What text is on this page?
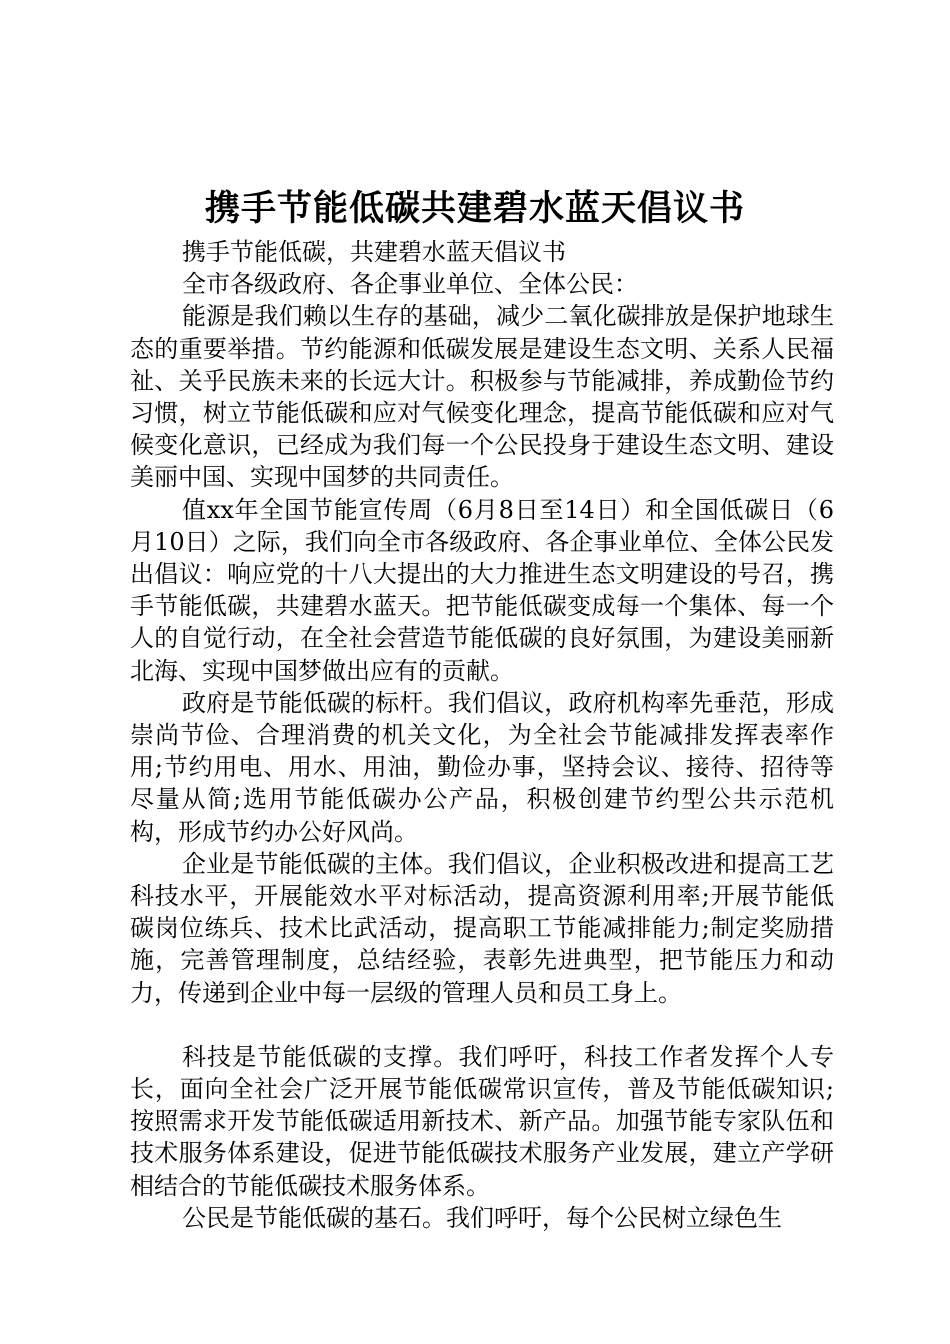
携手节能低碳共建碧水蓝天倡议书

携手节能低碳，共建碧水蓝天倡议书

全市各级政府、各企事业单位、全体公民：

能源是我们赖以生存的基础，减少二氧化碳排放是保护地球生态的重要举措。节约能源和低碳发展是建设生态文明、关系人民福祉、关乎民族未来的长远大计。积极参与节能减排，养成勤俭节约习惯，树立节能低碳和应对气候变化理念，提高节能低碳和应对气候变化意识，已经成为我们每一个公民投身于建设生态文明、建设美丽中国、实现中国梦的共同责任。

值xx年全国节能宣传周（6月8日至14日）和全国低碳日（6月10日）之际，我们向全市各级政府、各企事业单位、全体公民发出倡议：响应党的十八大提出的大力推进生态文明建设的号召，携手节能低碳，共建碧水蓝天。把节能低碳变成每一个集体、每一个人的自觉行动，在全社会营造节能低碳的良好氛围，为建设美丽新北海、实现中国梦做出应有的贡献。

政府是节能低碳的标杆。我们倡议，政府机构率先垂范，形成崇尚节俭、合理消费的机关文化，为全社会节能减排发挥表率作用;节约用电、用水、用油，勤俭办事，坚持会议、接待、招待等尽量从简;选用节能低碳办公产品，积极创建节约型公共示范机构，形成节约办公好风尚。

企业是节能低碳的主体。我们倡议，企业积极改进和提高工艺科技水平，开展能效水平对标活动，提高资源利用率;开展节能低碳岗位练兵、技术比武活动，提高职工节能减排能力;制定奖励措施，完善管理制度，总结经验，表彰先进典型，把节能压力和动力，传递到企业中每一层级的管理人员和员工身上。

科技是节能低碳的支撑。我们呼吁，科技工作者发挥个人专长，面向全社会广泛开展节能低碳常识宣传，普及节能低碳知识;按照需求开发节能低碳适用新技术、新产品。加强节能专家队伍和技术服务体系建设，促进节能低碳技术服务产业发展，建立产学研相结合的节能低碳技术服务体系。

公民是节能低碳的基石。我们呼吁，每个公民树立绿色生
